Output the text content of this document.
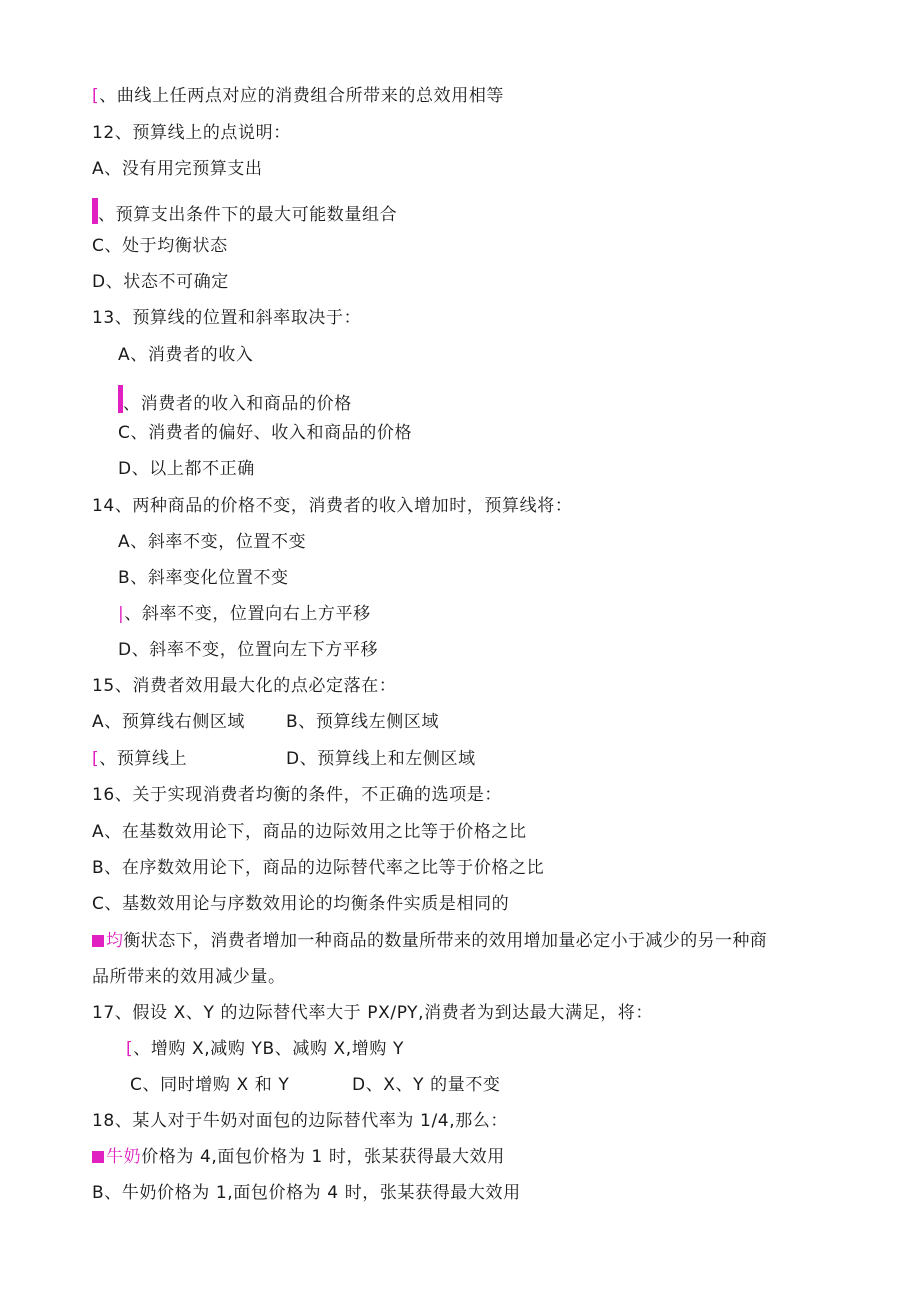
[、曲线上任两点对应的消费组合所带来的总效用相等
12、预算线上的点说明：
A、没有用完预算支出
、预算支出条件下的最大可能数量组合
C、处于均衡状态
D、状态不可确定
13、预算线的位置和斜率取决于：
A、消费者的收入
、消费者的收入和商品的价格
C、消费者的偏好、收入和商品的价格
D、以上都不正确
14、两种商品的价格不变，消费者的收入增加时，预算线将：
A、斜率不变，位置不变
B、斜率变化位置不变
|、斜率不变，位置向右上方平移
D、斜率不变，位置向左下方平移
15、消费者效用最大化的点必定落在：
A、预算线右侧区域 B、预算线左侧区域
[、预算线上	D、预算线上和左侧区域
16、关于实现消费者均衡的条件，不正确的选项是：
A、在基数效用论下，商品的边际效用之比等于价格之比
B、在序数效用论下，商品的边际替代率之比等于价格之比
C、基数效用论与序数效用论的均衡条件实质是相同的
均衡状态下，消费者增加一种商品的数量所带来的效用增加量必定小于减少的另一种商
品所带来的效用减少量。
17、假设 X、Y 的边际替代率大于 PX/PY,消费者为到达最大满足，将：
[、增购 X,减购 YB、减购 X,增购 Y
C、同时增购 X 和 Y	D、X、Y 的量不变
18、某人对于牛奶对面包的边际替代率为 1/4,那么：
牛奶价格为 4,面包价格为 1 时，张某获得最大效用
B、牛奶价格为 1,面包价格为 4 时，张某获得最大效用
